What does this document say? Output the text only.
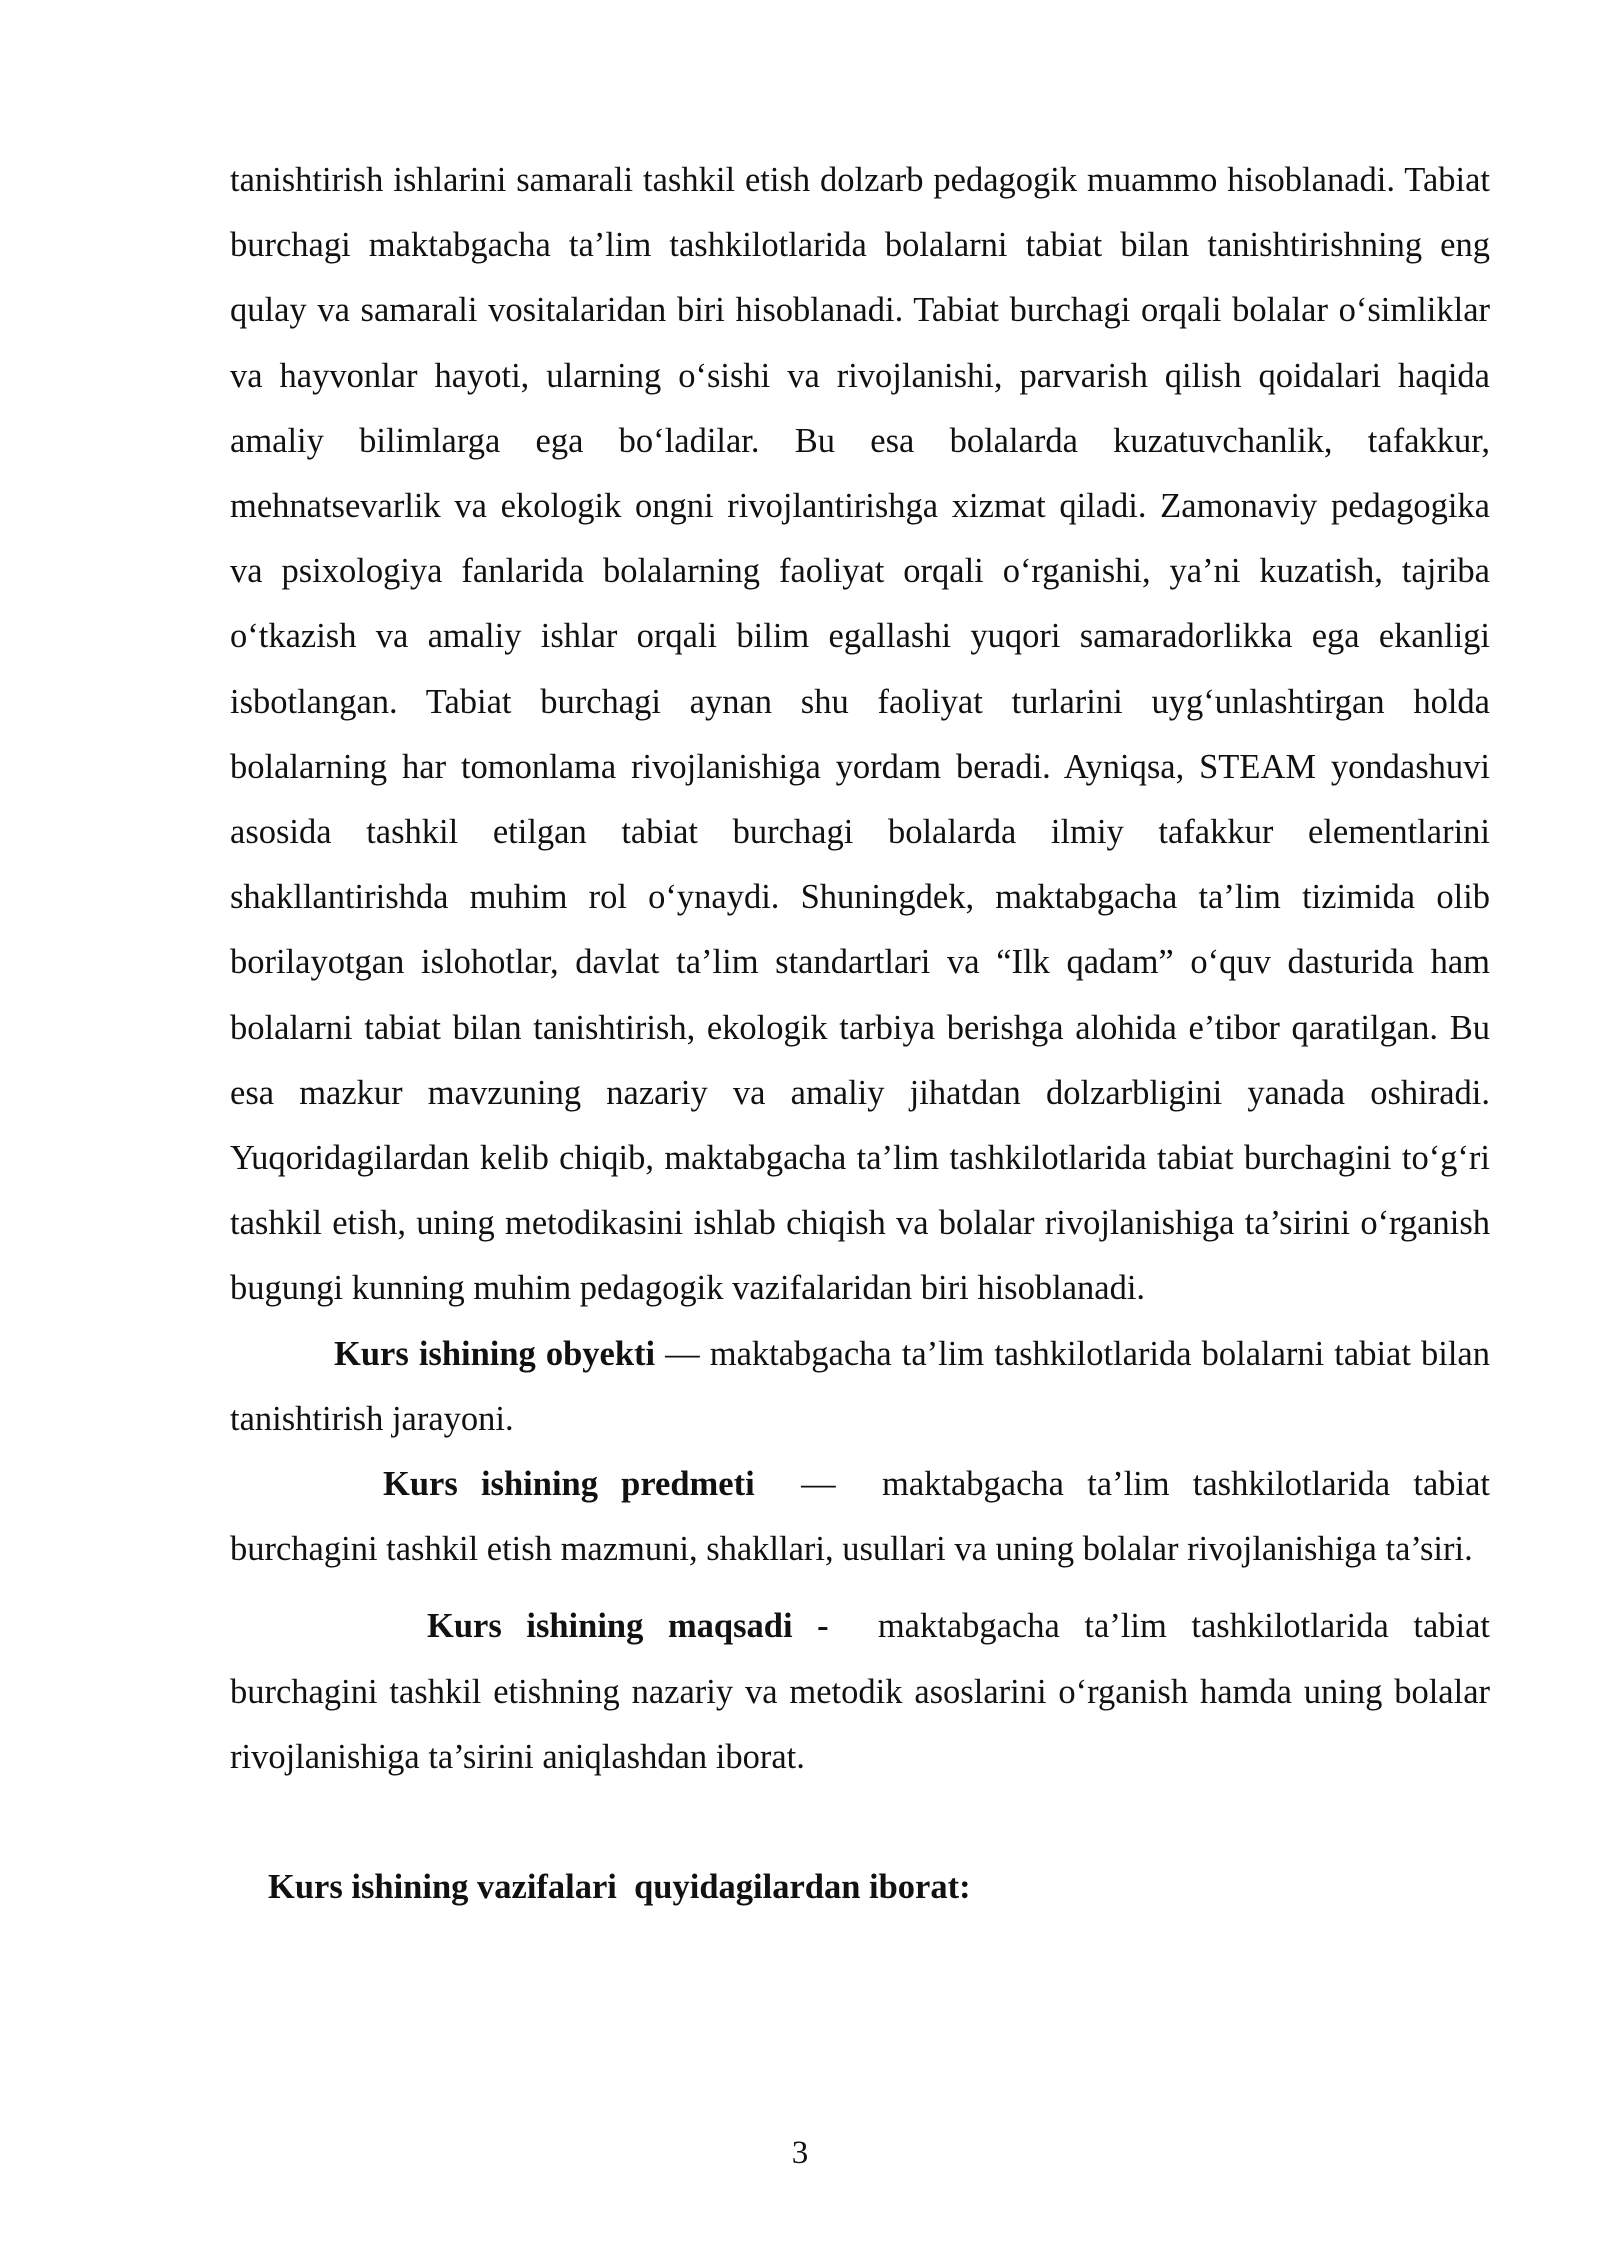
tanishtirish ishlarini samarali tashkil etish dolzarb pedagogik muammo hisoblanadi. Tabiat burchagi maktabgacha ta’lim tashkilotlarida bolalarni tabiat bilan tanishtirishning eng qulay va samarali vositalaridan biri hisoblanadi. Tabiat burchagi orqali bolalar o‘simliklar va hayvonlar hayoti, ularning o‘sishi va rivojlanishi, parvarish qilish qoidalari haqida amaliy bilimlarga ega bo‘ladilar. Bu esa bolalarda kuzatuvchanlik, tafakkur, mehnatsevarlik va ekologik ongni rivojlantirishga xizmat qiladi. Zamonaviy pedagogika va psixologiya fanlarida bolalarning faoliyat orqali o‘rganishi, ya’ni kuzatish, tajriba o‘tkazish va amaliy ishlar orqali bilim egallashi yuqori samaradorlikka ega ekanligi isbotlangan. Tabiat burchagi aynan shu faoliyat turlarini uyg‘unlashtirgan holda bolalarning har tomonlama rivojlanishiga yordam beradi. Ayniqsa, STEAM yondashuvi asosida tashkil etilgan tabiat burchagi bolalarda ilmiy tafakkur elementlarini shakllantirishda muhim rol o‘ynaydi. Shuningdek, maktabgacha ta’lim tizimida olib borilayotgan islohotlar, davlat ta’lim standartlari va “Ilk qadam” o‘quv dasturida ham bolalarni tabiat bilan tanishtirish, ekologik tarbiya berishga alohida e’tibor qaratilgan. Bu esa mazkur mavzuning nazariy va amaliy jihatdan dolzarbligini yanada oshiradi. Yuqoridagilardan kelib chiqib, maktabgacha ta’lim tashkilotlarida tabiat burchagini to‘g‘ri tashkil etish, uning metodikasini ishlab chiqish va bolalar rivojlanishiga ta’sirini o‘rganish bugungi kunning muhim pedagogik vazifalaridan biri hisoblanadi.

Kurs ishining obyekti — maktabgacha ta’lim tashkilotlarida bolalarni tabiat bilan tanishtirish jarayoni.

Kurs ishining predmeti  —  maktabgacha ta’lim tashkilotlarida tabiat burchagini tashkil etish mazmuni, shakllari, usullari va uning bolalar rivojlanishiga ta’siri.

Kurs ishining maqsadi -  maktabgacha ta’lim tashkilotlarida tabiat burchagini tashkil etishning nazariy va metodik asoslarini o‘rganish hamda uning bolalar rivojlanishiga ta’sirini aniqlashdan iborat.

Kurs ishining vazifalari  quyidagilardan iborat:

3
